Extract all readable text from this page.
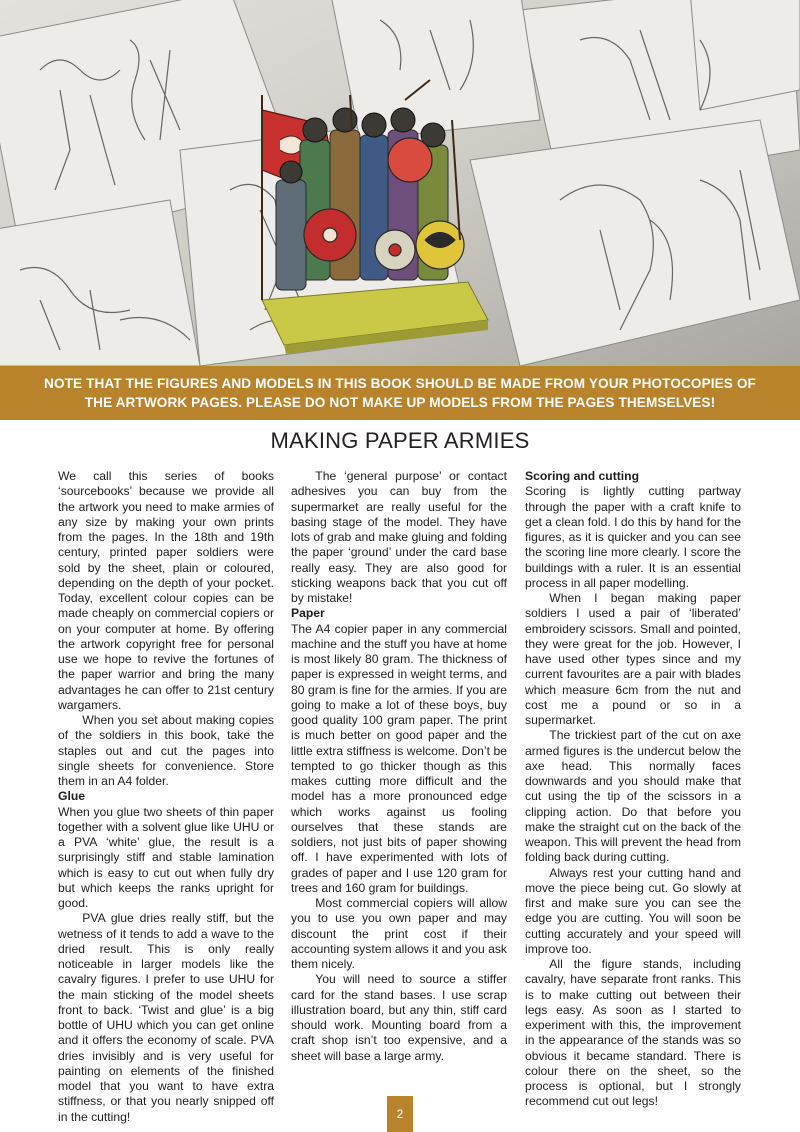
NOTE THAT THE FIGURES AND MODELS IN THIS BOOK SHOULD BE MADE FROM YOUR PHOTOCOPIES OF THE ARTWORK PAGES. PLEASE DO NOT MAKE UP MODELS FROM THE PAGES THEMSELVES!
MAKING PAPER ARMIES

We call this series of books ‘sourcebooks’ because we provide all the artwork you need to make armies of any size by making your own prints from the pages. In the 18th and 19th century, printed paper soldiers were sold by the sheet, plain or coloured, depending on the depth of your pocket. Today, excellent colour copies can be made cheaply on commercial copiers or on your computer at home. By offering the artwork copyright free for personal use we hope to revive the fortunes of the paper warrior and bring the many advantages he can offer to 21st century wargamers.

When you set about making copies of the soldiers in this book, take the staples out and cut the pages into single sheets for convenience. Store them in an A4 folder.

Glue

When you glue two sheets of thin paper together with a solvent glue like UHU or a PVA ‘white’ glue, the result is a surprisingly stiff and stable lamination which is easy to cut out when fully dry but which keeps the ranks upright for good.

PVA glue dries really stiff, but the wetness of it tends to add a wave to the dried result. This is only really noticeable in larger models like the cavalry figures. I prefer to use UHU for the main sticking of the model sheets front to back. ‘Twist and glue’ is a big bottle of UHU which you can get online and it offers the economy of scale. PVA dries invisibly and is very useful for painting on elements of the finished model that you want to have extra stiffness, or that you nearly snipped off in the cutting!

The ‘general purpose’ or contact adhesives you can buy from the supermarket are really useful for the basing stage of the model. They have lots of grab and make gluing and folding the paper ‘ground’ under the card base really easy. They are also good for sticking weapons back that you cut off by mistake!

Paper

The A4 copier paper in any commercial machine and the stuff you have at home is most likely 80 gram. The thickness of paper is expressed in weight terms, and 80 gram is fine for the armies. If you are going to make a lot of these boys, buy good quality 100 gram paper. The print is much better on good paper and the little extra stiffness is welcome. Don’t be tempted to go thicker though as this makes cutting more difficult and the model has a more pronounced edge which works against us fooling ourselves that these stands are soldiers, not just bits of paper showing off. I have experimented with lots of grades of paper and I use 120 gram for trees and 160 gram for buildings.

Most commercial copiers will allow you to use you own paper and may discount the print cost if their accounting system allows it and you ask them nicely.

You will need to source a stiffer card for the stand bases. I use scrap illustration board, but any thin, stiff card should work. Mounting board from a craft shop isn’t too expensive, and a sheet will base a large army.

Scoring and cutting

Scoring is lightly cutting partway through the paper with a craft knife to get a clean fold. I do this by hand for the figures, as it is quicker and you can see the scoring line more clearly. I score the buildings with a ruler. It is an essential process in all paper modelling.

When I began making paper soldiers I used a pair of ‘liberated’ embroidery scissors. Small and pointed, they were great for the job. However, I have used other types since and my current favourites are a pair with blades which measure 6cm from the nut and cost me a pound or so in a supermarket.

The trickiest part of the cut on axe armed figures is the undercut below the axe head. This normally faces downwards and you should make that cut using the tip of the scissors in a clipping action. Do that before you make the straight cut on the back of the weapon. This will prevent the head from folding back during cutting.

Always rest your cutting hand and move the piece being cut. Go slowly at first and make sure you can see the edge you are cutting. You will soon be cutting accurately and your speed will improve too.

All the figure stands, including cavalry, have separate front ranks. This is to make cutting out between their legs easy. As soon as I started to experiment with this, the improvement in the appearance of the stands was so obvious it became standard. There is colour there on the sheet, so the process is optional, but I strongly recommend cut out legs!

2
